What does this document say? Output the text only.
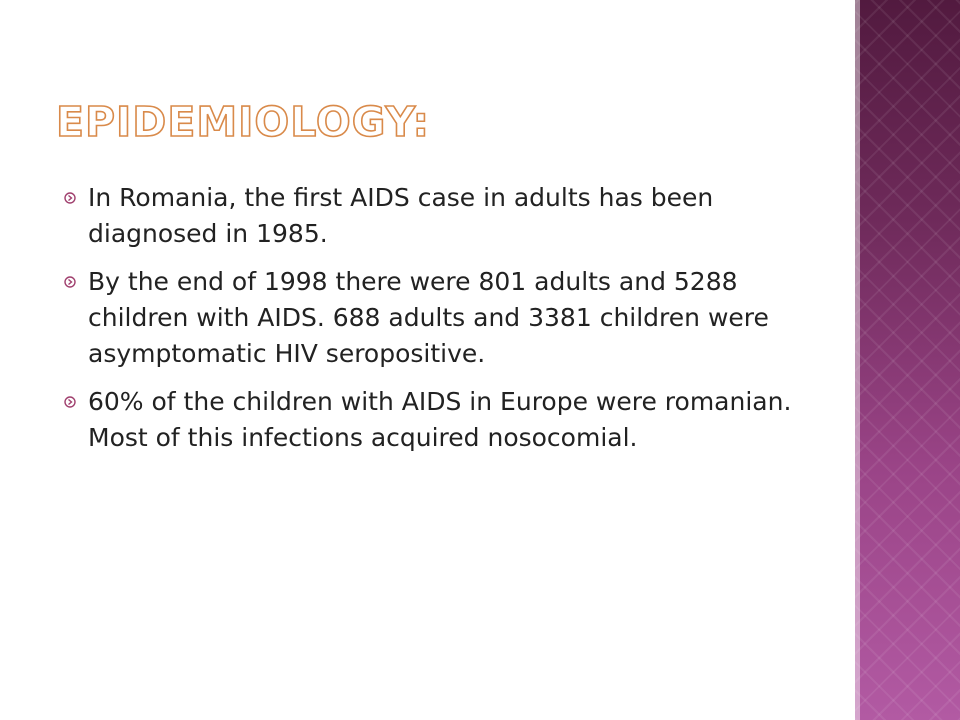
EPIDEMIOLOGY:
In Romania, the first AIDS case in adults has been diagnosed in 1985.
By the end of 1998 there were 801 adults and 5288 children with AIDS. 688 adults and 3381 children were asymptomatic HIV seropositive.
60% of the children with AIDS in Europe were romanian. Most of this infections acquired nosocomial.
